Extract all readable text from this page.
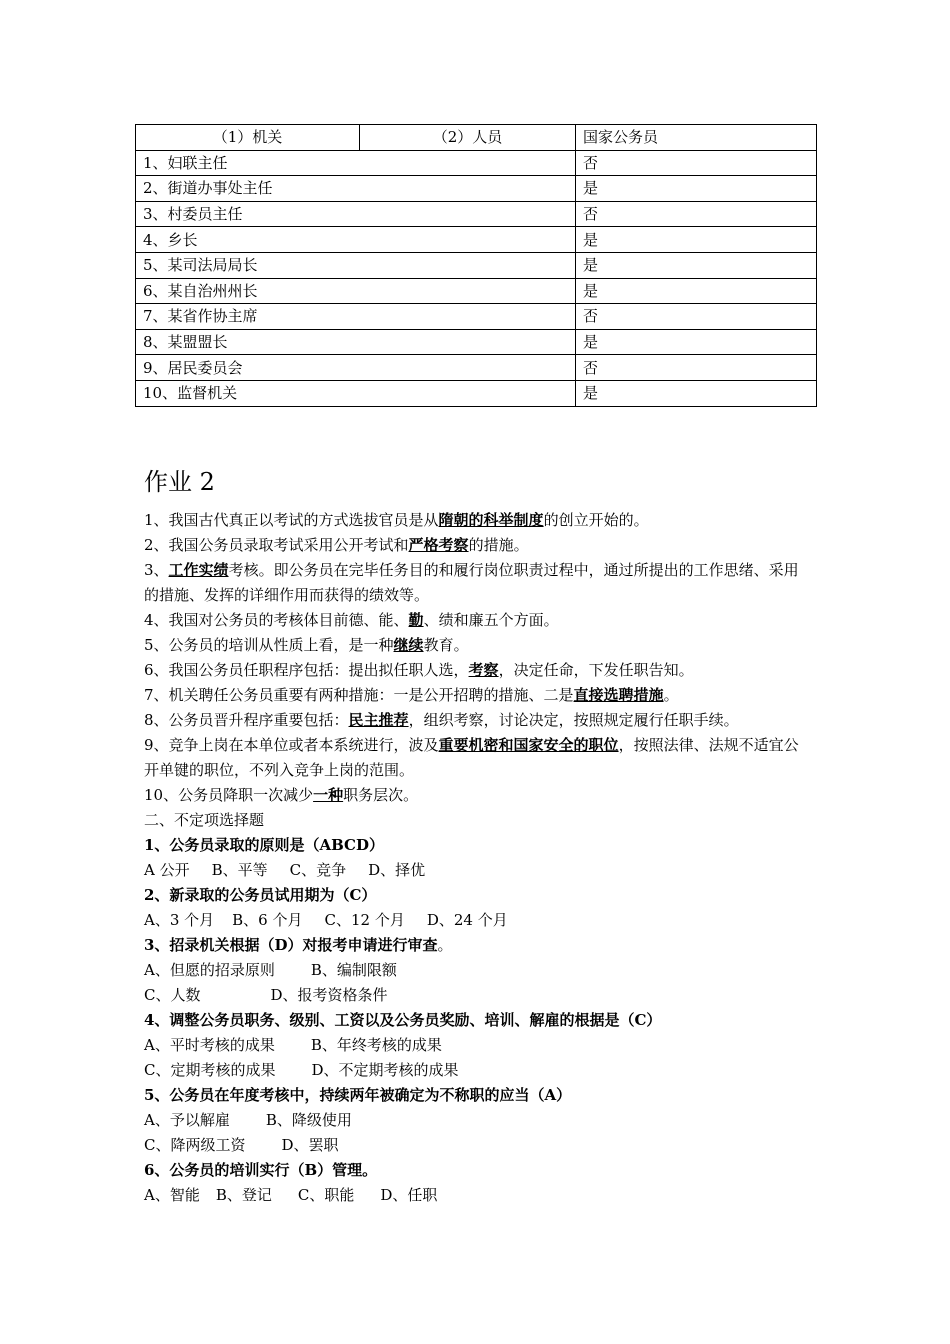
（1）机关	（2）人员	国家公务员
1、妇联主任		否
2、街道办事处主任		是
3、村委员主任		否
4、乡长		是
5、某司法局局长		是
6、某自治州州长		是
7、某省作协主席		否
8、某盟盟长		是
9、居民委员会		否
10、监督机关		是
作业 2

1、我国古代真正以考试的方式选拔官员是从隋朝的科举制度的创立开始的。

2、我国公务员录取考试采用公开考试和严格考察的措施。

3、工作实绩考核。即公务员在完毕任务目的和履行岗位职责过程中，通过所提出的工作思绪、采用的措施、发挥的详细作用而获得的绩效等。

4、我国对公务员的考核体目前德、能、勤、绩和廉五个方面。

5、公务员的培训从性质上看，是一种继续教育。

6、我国公务员任职程序包括：提出拟任职人选，考察，决定任命，下发任职告知。

7、机关聘任公务员重要有两种措施：一是公开招聘的措施、二是直接选聘措施。

8、公务员晋升程序重要包括：民主推荐，组织考察，讨论决定，按照规定履行任职手续。

9、竞争上岗在本单位或者本系统进行，波及重要机密和国家安全的职位，按照法律、法规不适宜公开单键的职位，不列入竞争上岗的范围。

10、公务员降职一次减少一种职务层次。

二、不定项选择题

1、公务员录取的原则是（ABCD）

A 公开 B、平等 C、竞争 D、择优

2、新录取的公务员试用期为（C）

A、3 个月 B、6 个月 C、12 个月 D、24 个月

3、招录机关根据（D）对报考申请进行审查。

A、但愿的招录原则 B、编制限额

C、人数	D、报考资格条件

4、调整公务员职务、级别、工资以及公务员奖励、培训、解雇的根据是（C）

A、平时考核的成果 B、年终考核的成果

C、定期考核的成果 D、不定期考核的成果

5、公务员在年度考核中，持续两年被确定为不称职的应当（A）

A、予以解雇 B、降级使用

C、降两级工资 D、罢职

6、公务员的培训实行（B）管理。

A、智能 B、登记 C、职能 D、任职
